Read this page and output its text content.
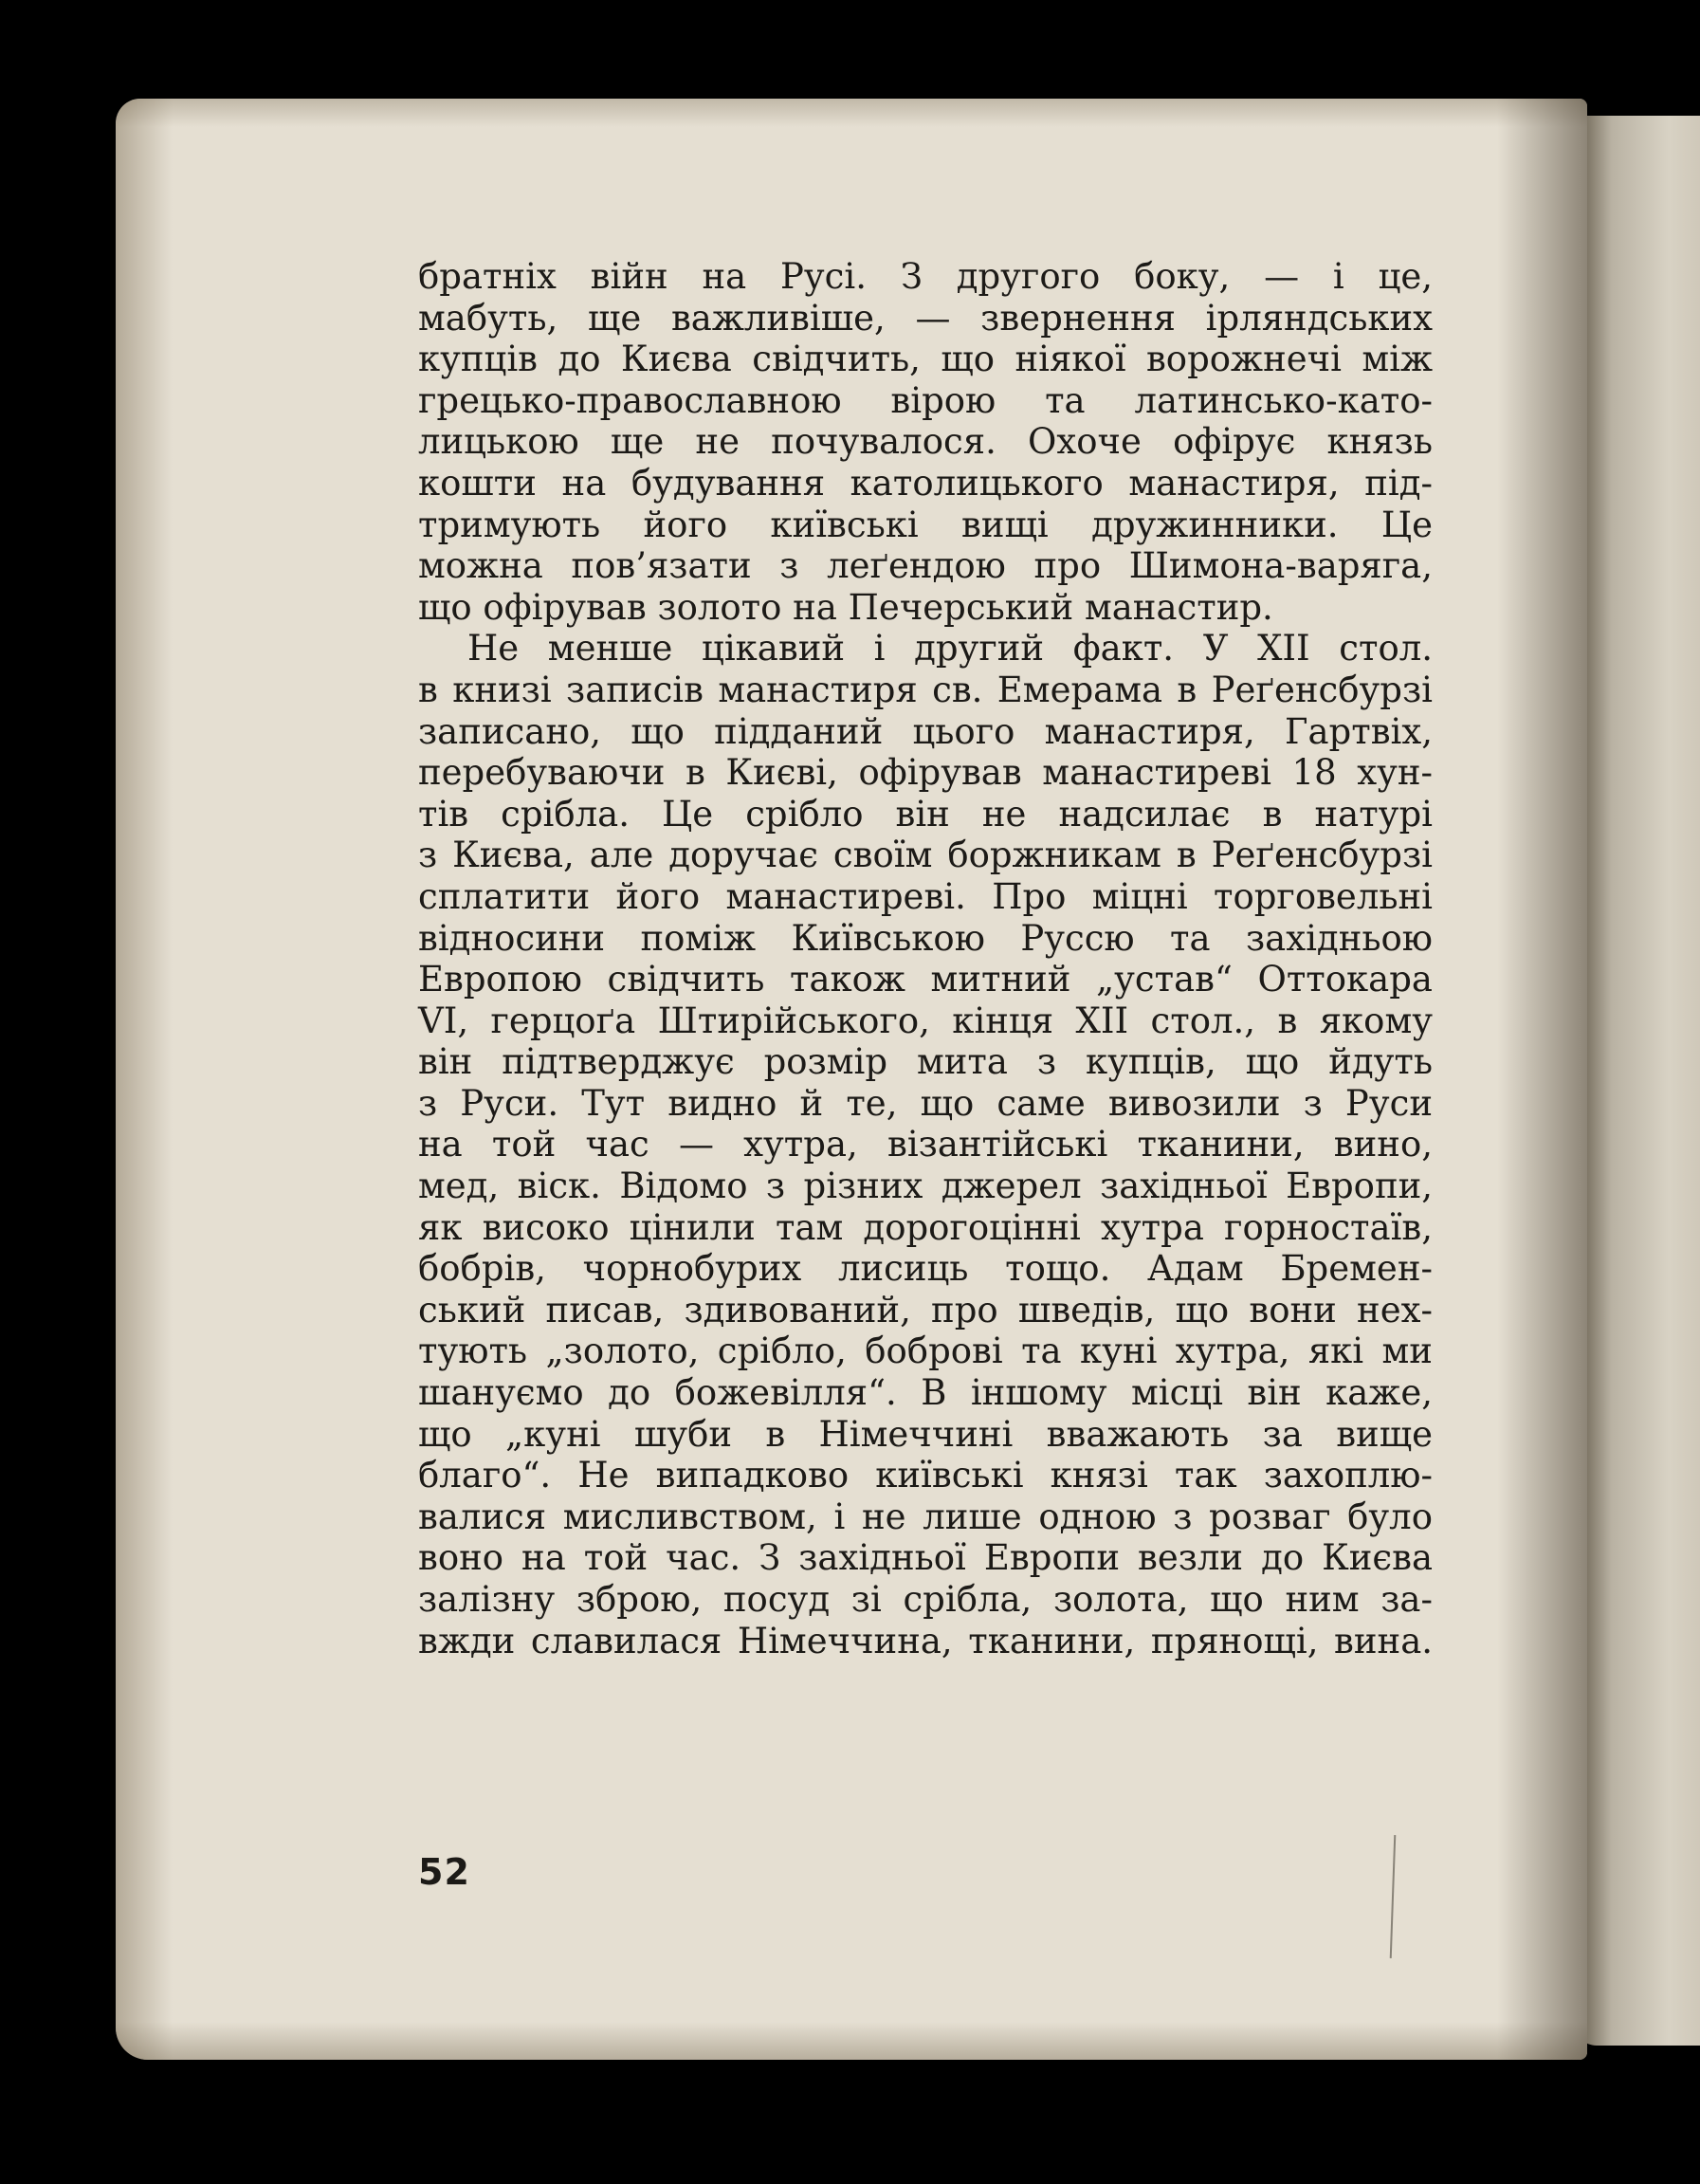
братніх війн на Русі. З другого боку, — і це,
мабуть, ще важливіше, — звернення ірляндських
купців до Києва свідчить, що ніякої ворожнечі між
грецько-православною вірою та латинсько-като-
лицькою ще не почувалося. Охоче офірує князь
кошти на будування католицького манастиря, під-
тримують його київські вищі дружинники. Це
можна пов’язати з леґендою про Шимона-варяга,
що офірував золото на Печерський манастир.
Не менше цікавий і другий факт. У XII стол.
в книзі записів манастиря св. Емерама в Реґенсбурзі
записано, що підданий цього манастиря, Гартвіх,
перебуваючи в Києві, офірував манастиреві 18 хун-
тів срібла. Це срібло він не надсилає в натурі
з Києва, але доручає своїм боржникам в Реґенсбурзі
сплатити його манастиреві. Про міцні торговельні
відносини поміж Київською Руссю та західньою
Европою свідчить також митний „устав“ Оттокара
VI, герцоґа Штирійського, кінця XII стол., в якому
він підтверджує розмір мита з купців, що йдуть
з Руси. Тут видно й те, що саме вивозили з Руси
на той час — хутра, візантійські тканини, вино,
мед, віск. Відомо з різних джерел західньої Европи,
як високо цінили там дорогоцінні хутра горностаїв,
бобрів, чорнобурих лисиць тощо. Адам Бремен-
ський писав, здивований, про шведів, що вони нех-
тують „золото, срібло, боброві та куні хутра, які ми
шануємо до божевілля“. В іншому місці він каже,
що „куні шуби в Німеччині вважають за вище
благо“. Не випадково київські князі так захоплю-
валися мисливством, і не лише одною з розваг було
воно на той час. З західньої Европи везли до Києва
залізну зброю, посуд зі срібла, золота, що ним за-
вжди славилася Німеччина, тканини, прянощі, вина.
52
